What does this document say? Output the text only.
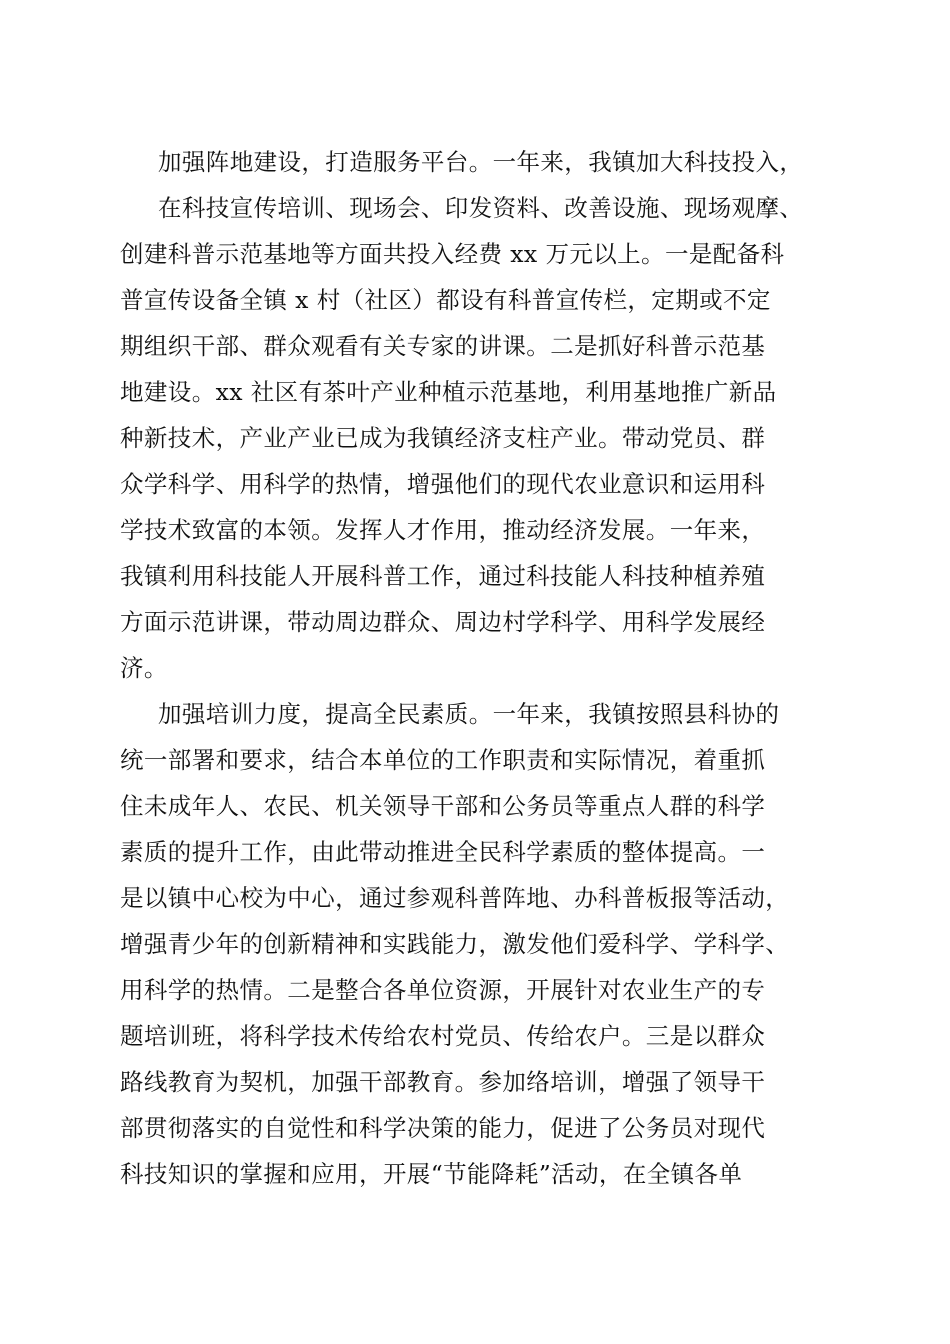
加强阵地建设，打造服务平台。一年来，我镇加大科技投入，
在科技宣传培训、现场会、印发资料、改善设施、现场观摩、
创建科普示范基地等方面共投入经费 xx 万元以上。一是配备科
普宣传设备全镇 x 村（社区）都设有科普宣传栏，定期或不定
期组织干部、群众观看有关专家的讲课。二是抓好科普示范基
地建设。xx 社区有茶叶产业种植示范基地，利用基地推广新品
种新技术，产业产业已成为我镇经济支柱产业。带动党员、群
众学科学、用科学的热情，增强他们的现代农业意识和运用科
学技术致富的本领。发挥人才作用，推动经济发展。一年来，
我镇利用科技能人开展科普工作，通过科技能人科技种植养殖
方面示范讲课，带动周边群众、周边村学科学、用科学发展经
济。
加强培训力度，提高全民素质。一年来，我镇按照县科协的
统一部署和要求，结合本单位的工作职责和实际情况，着重抓
住未成年人、农民、机关领导干部和公务员等重点人群的科学
素质的提升工作，由此带动推进全民科学素质的整体提高。一
是以镇中心校为中心，通过参观科普阵地、办科普板报等活动，
增强青少年的创新精神和实践能力，激发他们爱科学、学科学、
用科学的热情。二是整合各单位资源，开展针对农业生产的专
题培训班，将科学技术传给农村党员、传给农户。三是以群众
路线教育为契机，加强干部教育。参加络培训，增强了领导干
部贯彻落实的自觉性和科学决策的能力，促进了公务员对现代
科技知识的掌握和应用，开展“节能降耗”活动，在全镇各单
